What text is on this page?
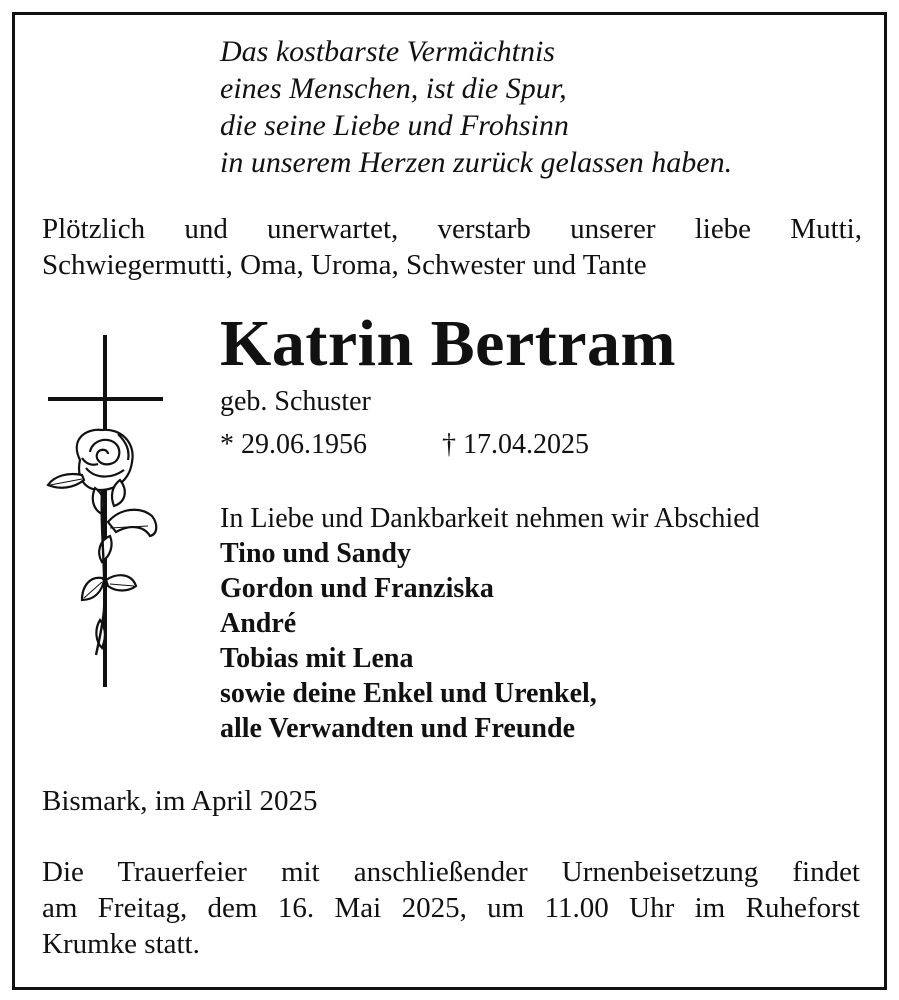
Das kostbarste Vermächtnis
eines Menschen, ist die Spur,
die seine Liebe und Frohsinn
in unserem Herzen zurück gelassen haben.
Plötzlich und unerwartet, verstarb unserer liebe Mutti,
Schwiegermutti, Oma, Uroma, Schwester und Tante
Katrin Bertram
geb. Schuster
* 29.06.1956	† 17.04.2025
In Liebe und Dankbarkeit nehmen wir Abschied
Tino und Sandy
Gordon und Franziska
André
Tobias mit Lena
sowie deine Enkel und Urenkel,
alle Verwandten und Freunde
Bismark, im April 2025
Die Trauerfeier mit anschließender Urnenbeisetzung findet
am Freitag, dem 16. Mai 2025, um 11.00 Uhr im Ruheforst
Krumke statt.
